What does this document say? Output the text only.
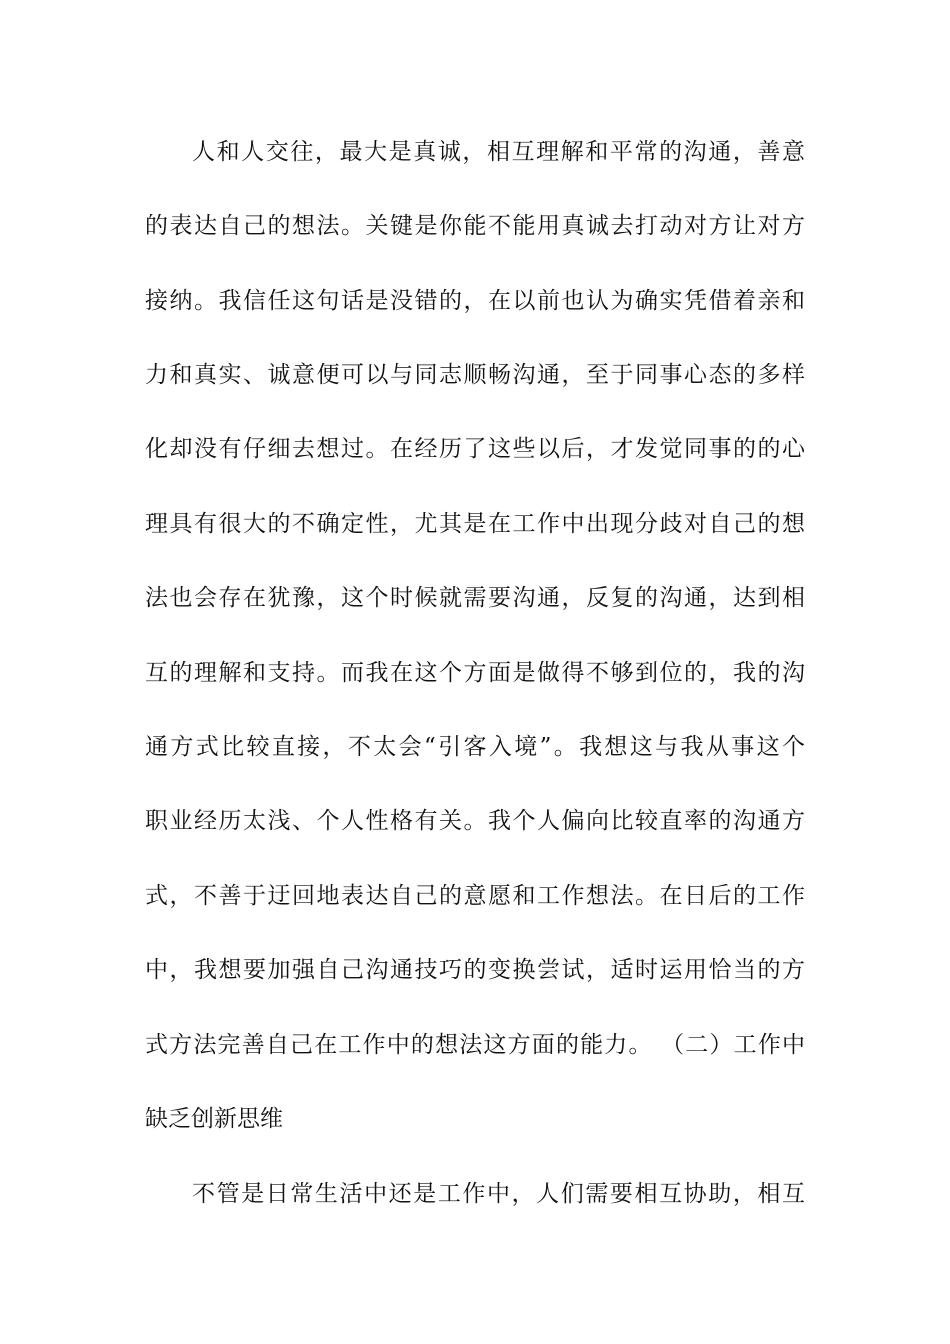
人和人交往，最大是真诚，相互理解和平常的沟通，善意
的表达自己的想法。关键是你能不能用真诚去打动对方让对方
接纳。我信任这句话是没错的，在以前也认为确实凭借着亲和
力和真实、诚意便可以与同志顺畅沟通，至于同事心态的多样
化却没有仔细去想过。在经历了这些以后，才发觉同事的的心
理具有很大的不确定性，尤其是在工作中出现分歧对自己的想
法也会存在犹豫，这个时候就需要沟通，反复的沟通，达到相
互的理解和支持。而我在这个方面是做得不够到位的，我的沟
通方式比较直接，不太会“引客入境”。我想这与我从事这个
职业经历太浅、个人性格有关。我个人偏向比较直率的沟通方
式，不善于迂回地表达自己的意愿和工作想法。在日后的工作
中，我想要加强自己沟通技巧的变换尝试，适时运用恰当的方
式方法完善自己在工作中的想法这方面的能力。 （二）工作中
缺乏创新思维
不管是日常生活中还是工作中，人们需要相互协助，相互
